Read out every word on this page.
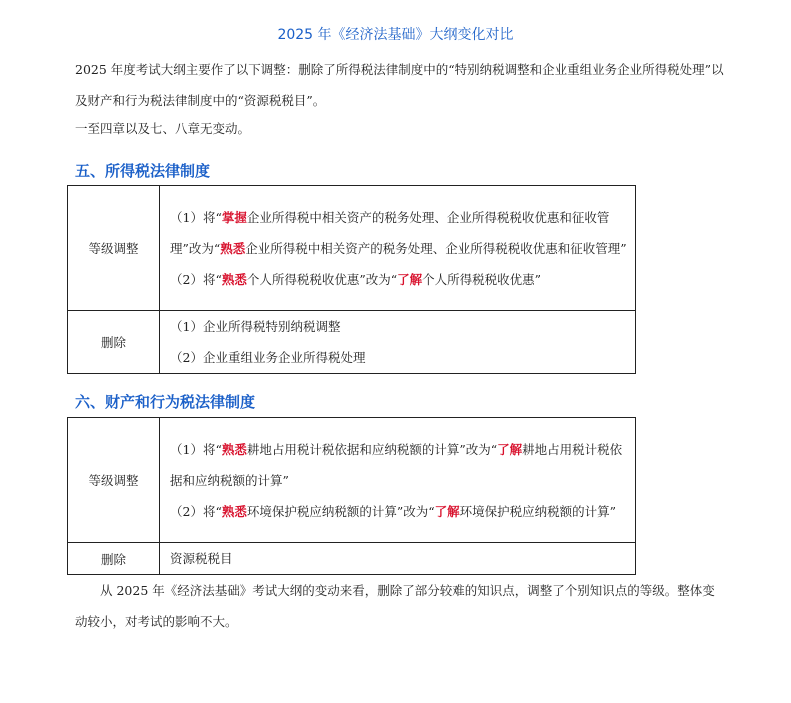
2025 年《经济法基础》大纲变化对比

2025 年度考试大纲主要作了以下调整：删除了所得税法律制度中的“特别纳税调整和企业重组业务企业所得税处理”以及财产和行为税法律制度中的“资源税税目”。

一至四章以及七、八章无变动。

五、所得税法律制度
等级调整	（1）将“掌握企业所得税中相关资产的税务处理、企业所得税税收优惠和征收管理”改为“熟悉企业所得税中相关资产的税务处理、企业所得税税收优惠和征收管理”
（2）将“熟悉个人所得税税收优惠”改为“了解个人所得税税收优惠”

删除	（1）企业所得税特别纳税调整
（2）企业重组业务企业所得税处理
六、财产和行为税法律制度
等级调整	（1）将“熟悉耕地占用税计税依据和应纳税额的计算”改为“了解耕地占用税计税依据和应纳税额的计算”
（2）将“熟悉环境保护税应纳税额的计算”改为“了解环境保护税应纳税额的计算”

删除	资源税税目

从 2025 年《经济法基础》考试大纲的变动来看，删除了部分较难的知识点，调整了个别知识点的等级。整体变动较小，对考试的影响不大。
